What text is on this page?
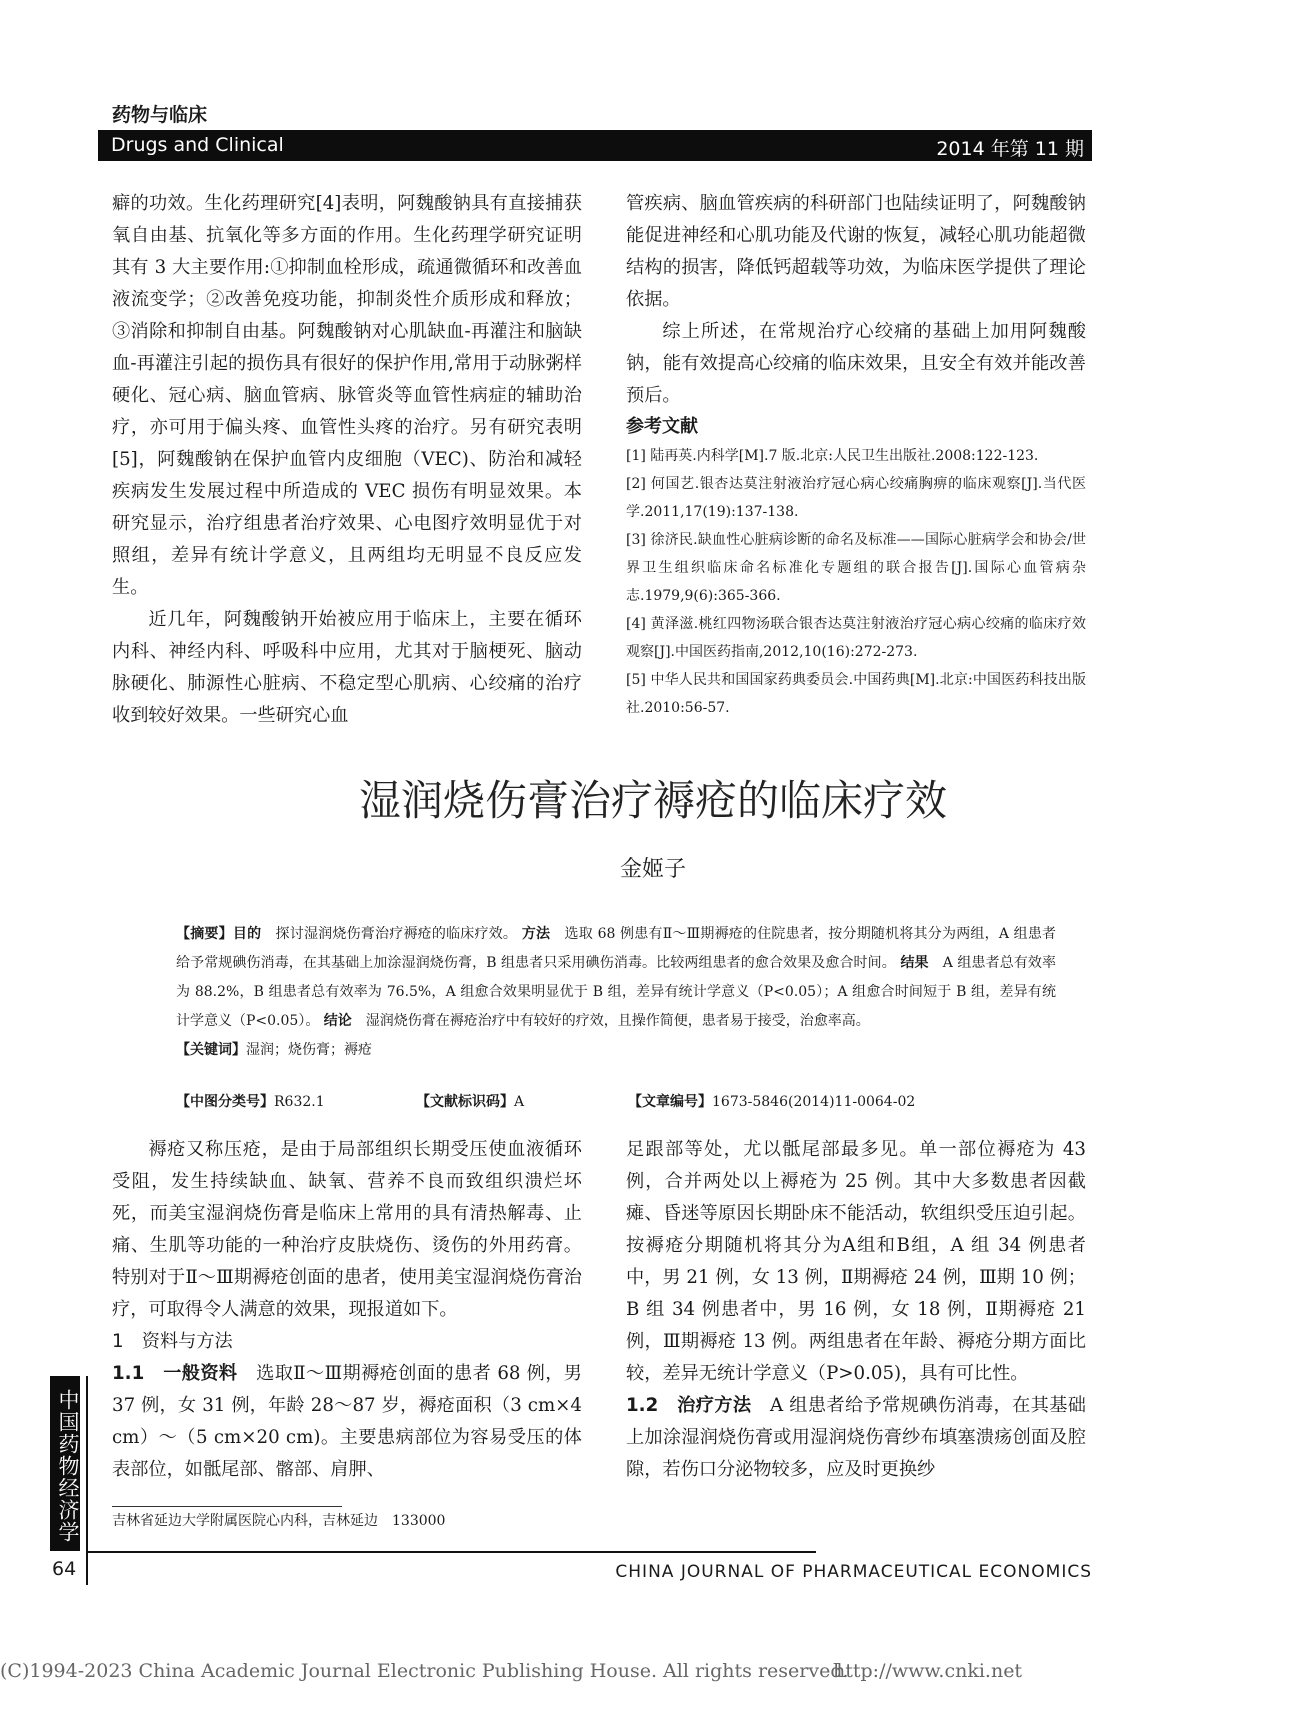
药物与临床
Drugs and Clinical	2014 年第 11 期

癖的功效。生化药理研究[4]表明，阿魏酸钠具有直接捕获氧自由基、抗氧化等多方面的作用。生化药理学研究证明其有 3 大主要作用:①抑制血栓形成，疏通微循环和改善血液流变学；②改善免疫功能，抑制炎性介质形成和释放；③消除和抑制自由基。阿魏酸钠对心肌缺血-再灌注和脑缺血-再灌注引起的损伤具有很好的保护作用,常用于动脉粥样硬化、冠心病、脑血管病、脉管炎等血管性病症的辅助治疗，亦可用于偏头疼、血管性头疼的治疗。另有研究表明[5]，阿魏酸钠在保护血管内皮细胞（VEC)、防治和减轻疾病发生发展过程中所造成的 VEC 损伤有明显效果。本研究显示，治疗组患者治疗效果、心电图疗效明显优于对照组，差异有统计学意义，且两组均无明显不良反应发生。

近几年，阿魏酸钠开始被应用于临床上，主要在循环内科、神经内科、呼吸科中应用，尤其对于脑梗死、脑动脉硬化、肺源性心脏病、不稳定型心肌病、心绞痛的治疗收到较好效果。一些研究心血

管疾病、脑血管疾病的科研部门也陆续证明了，阿魏酸钠能促进神经和心肌功能及代谢的恢复，减轻心肌功能超微结构的损害，降低钙超载等功效，为临床医学提供了理论依据。

综上所述，在常规治疗心绞痛的基础上加用阿魏酸钠，能有效提高心绞痛的临床效果，且安全有效并能改善预后。

参考文献

[1] 陆再英.内科学[M].7 版.北京:人民卫生出版社.2008:122-123.

[2] 何国艺.银杏达莫注射液治疗冠心病心绞痛胸痹的临床观察[J].当代医学.2011,17(19):137-138.

[3] 徐济民.缺血性心脏病诊断的命名及标准——国际心脏病学会和协会/世界卫生组织临床命名标准化专题组的联合报告[J].国际心血管病杂志.1979,9(6):365-366.

[4] 黄泽滋.桃红四物汤联合银杏达莫注射液治疗冠心病心绞痛的临床疗效观察[J].中国医药指南,2012,10(16):272-273.

[5] 中华人民共和国国家药典委员会.中国药典[M].北京:中国医药科技出版社.2010:56-57.

湿润烧伤膏治疗褥疮的临床疗效
金姬子
【摘要】目的　 探讨湿润烧伤膏治疗褥疮的临床疗效。 方法　 选取 68 例患有Ⅱ～Ⅲ期褥疮的住院患者，按分期随机将其分为两组，A 组患者给予常规碘伤消毒，在其基础上加涂湿润烧伤膏，B 组患者只采用碘伤消毒。比较两组患者的愈合效果及愈合时间。 结果　 A 组患者总有效率为 88.2%，B 组患者总有效率为 76.5%，A 组愈合效果明显优于 B 组，差异有统计学意义（P<0.05）；A 组愈合时间短于 B 组，差异有统计学意义（P<0.05）。 结论　 湿润烧伤膏在褥疮治疗中有较好的疗效，且操作简便，患者易于接受，治愈率高。
【关键词】湿润；烧伤膏；褥疮
【中图分类号】R632.1	【文献标识码】A	【文章编号】1673-5846(2014)11-0064-02

褥疮又称压疮，是由于局部组织长期受压使血液循环受阻，发生持续缺血、缺氧、营养不良而致组织溃烂坏死，而美宝湿润烧伤膏是临床上常用的具有清热解毒、止痛、生肌等功能的一种治疗皮肤烧伤、烫伤的外用药膏。特别对于Ⅱ～Ⅲ期褥疮创面的患者，使用美宝湿润烧伤膏治疗，可取得令人满意的效果，现报道如下。

1　资料与方法

1.1　一般资料　 选取Ⅱ～Ⅲ期褥疮创面的患者 68 例，男 37 例，女 31 例，年龄 28～87 岁，褥疮面积（3 cm×4 cm）～（5 cm×20 cm)。主要患病部位为容易受压的体表部位，如骶尾部、髂部、肩胛、

足跟部等处，尤以骶尾部最多见。单一部位褥疮为 43 例，合并两处以上褥疮为 25 例。其中大多数患者因截瘫、昏迷等原因长期卧床不能活动，软组织受压迫引起。按褥疮分期随机将其分为A组和B组，A 组 34 例患者中，男 21 例，女 13 例，Ⅱ期褥疮 24 例，Ⅲ期 10 例；B 组 34 例患者中，男 16 例，女 18 例，Ⅱ期褥疮 21 例，Ⅲ期褥疮 13 例。两组患者在年龄、褥疮分期方面比较，差异无统计学意义（P>0.05)，具有可比性。

1.2　治疗方法　 A 组患者给予常规碘伤消毒，在其基础上加涂湿润烧伤膏或用湿润烧伤膏纱布填塞溃疡创面及腔隙，若伤口分泌物较多，应及时更换纱

中国药物经济学 吉林省延边大学附属医院心内科，吉林延边　133000
64	CHINA JOURNAL OF PHARMACEUTICAL ECONOMICS
(C)1994-2023 China Academic Journal Electronic Publishing House. All rights reserved.
http://www.cnki.net
